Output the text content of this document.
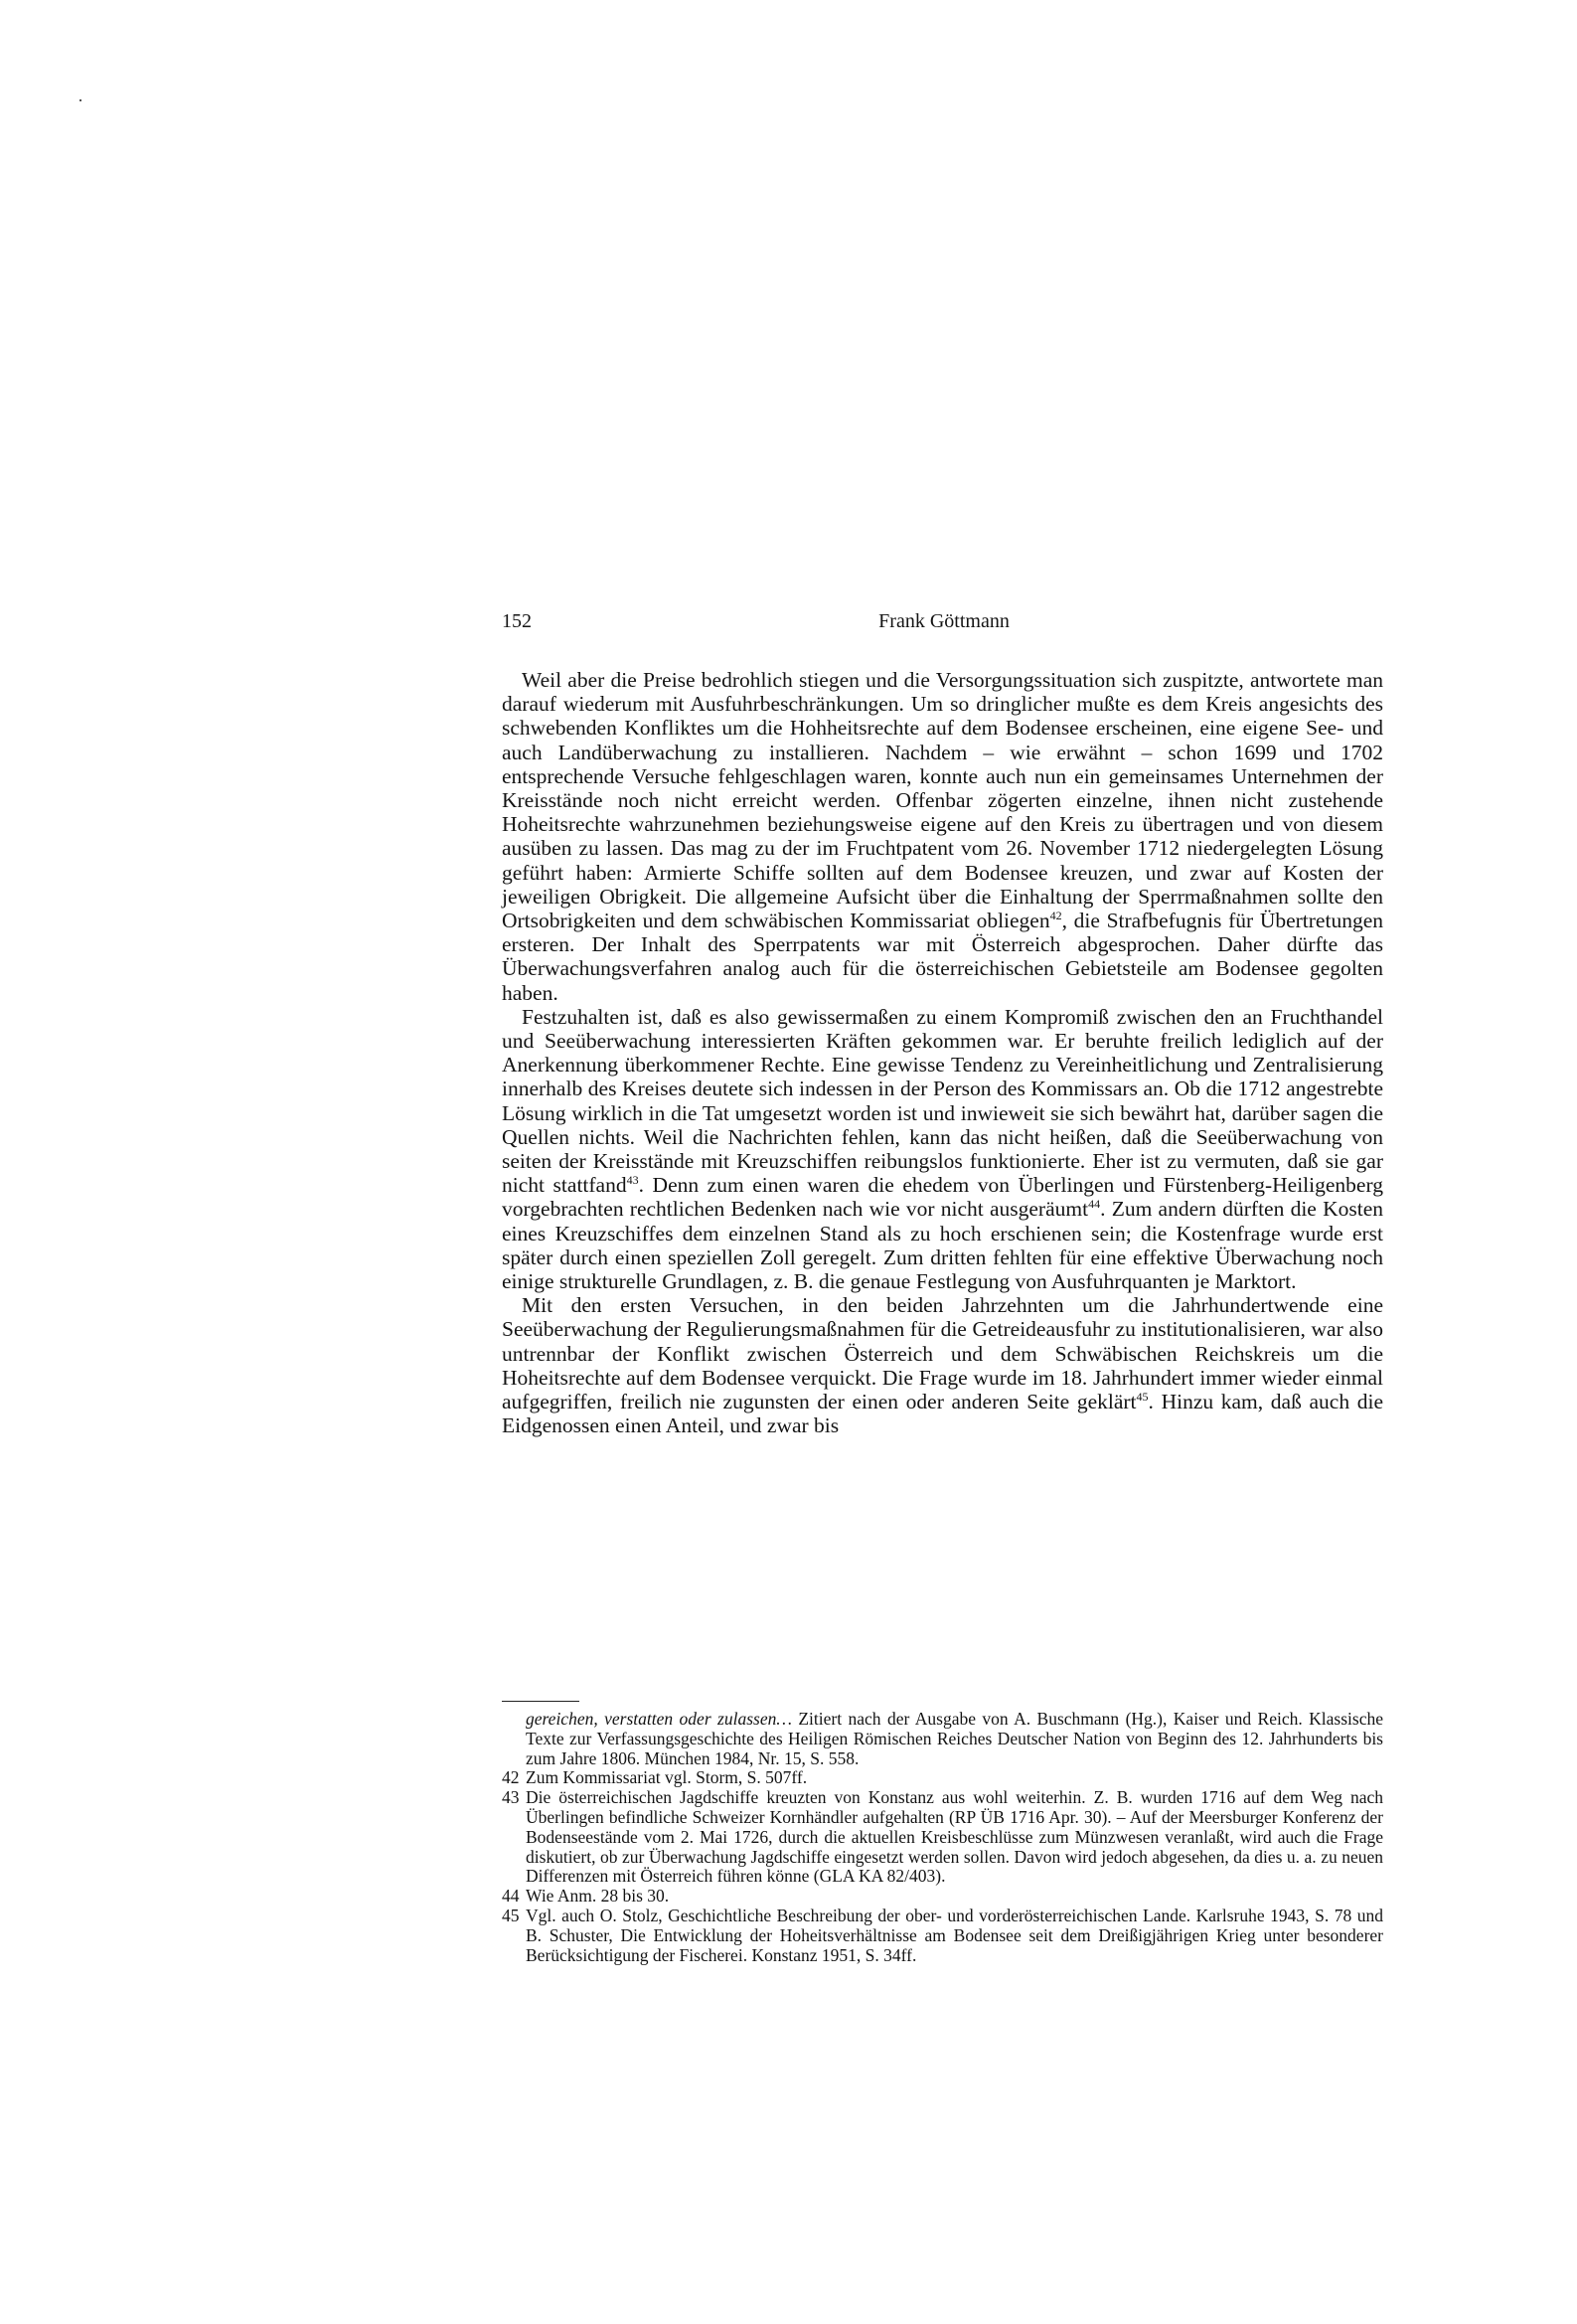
152	Frank Göttmann

Weil aber die Preise bedrohlich stiegen und die Versorgungssituation sich zuspitzte, antwortete man darauf wiederum mit Ausfuhrbeschränkungen. Um so dringlicher mußte es dem Kreis angesichts des schwebenden Konfliktes um die Hohheitsrechte auf dem Bodensee erscheinen, eine eigene See- und auch Landüberwachung zu installieren. Nachdem – wie erwähnt – schon 1699 und 1702 entsprechende Versuche fehlgeschlagen waren, konnte auch nun ein gemeinsames Unternehmen der Kreisstände noch nicht erreicht werden. Offenbar zögerten einzelne, ihnen nicht zustehende Hoheitsrechte wahrzunehmen beziehungsweise eigene auf den Kreis zu übertragen und von diesem ausüben zu lassen. Das mag zu der im Fruchtpatent vom 26. November 1712 niedergelegten Lösung geführt haben: Armierte Schiffe sollten auf dem Bodensee kreuzen, und zwar auf Kosten der jeweiligen Obrigkeit. Die allgemeine Aufsicht über die Einhaltung der Sperrmaßnahmen sollte den Ortsobrigkeiten und dem schwäbischen Kommissariat obliegen$^{42}$, die Strafbefugnis für Übertretungen ersteren. Der Inhalt des Sperrpatents war mit Österreich abgesprochen. Daher dürfte das Überwachungsverfahren analog auch für die österreichischen Gebietsteile am Bodensee gegolten haben.

Festzuhalten ist, daß es also gewissermaßen zu einem Kompromiß zwischen den an Fruchthandel und Seeüberwachung interessierten Kräften gekommen war. Er beruhte freilich lediglich auf der Anerkennung überkommener Rechte. Eine gewisse Tendenz zu Vereinheitlichung und Zentralisierung innerhalb des Kreises deutete sich indessen in der Person des Kommissars an. Ob die 1712 angestrebte Lösung wirklich in die Tat umgesetzt worden ist und inwieweit sie sich bewährt hat, darüber sagen die Quellen nichts. Weil die Nachrichten fehlen, kann das nicht heißen, daß die Seeüberwachung von seiten der Kreisstände mit Kreuzschiffen reibungslos funktionierte. Eher ist zu vermuten, daß sie gar nicht stattfand$^{43}$. Denn zum einen waren die ehedem von Überlingen und Fürstenberg-Heiligenberg vorgebrachten rechtlichen Bedenken nach wie vor nicht ausgeräumt$^{44}$. Zum andern dürften die Kosten eines Kreuzschiffes dem einzelnen Stand als zu hoch erschienen sein; die Kostenfrage wurde erst später durch einen speziellen Zoll geregelt. Zum dritten fehlten für eine effektive Überwachung noch einige strukturelle Grundlagen, z. B. die genaue Festlegung von Ausfuhrquanten je Marktort.

Mit den ersten Versuchen, in den beiden Jahrzehnten um die Jahrhundertwende eine Seeüberwachung der Regulierungsmaßnahmen für die Getreideausfuhr zu institutionalisieren, war also untrennbar der Konflikt zwischen Österreich und dem Schwäbischen Reichskreis um die Hoheitsrechte auf dem Bodensee verquickt. Die Frage wurde im 18. Jahrhundert immer wieder einmal aufgegriffen, freilich nie zugunsten der einen oder anderen Seite geklärt$^{45}$. Hinzu kam, daß auch die Eidgenossen einen Anteil, und zwar bis

gereichen, verstatten oder zulassen… Zitiert nach der Ausgabe von A. Buschmann (Hg.), Kaiser und Reich. Klassische Texte zur Verfassungsgeschichte des Heiligen Römischen Reiches Deutscher Nation von Beginn des 12. Jahrhunderts bis zum Jahre 1806. München 1984, Nr. 15, S. 558.
42 Zum Kommissariat vgl. Storm, S. 507ff.
43 Die österreichischen Jagdschiffe kreuzten von Konstanz aus wohl weiterhin. Z. B. wurden 1716 auf dem Weg nach Überlingen befindliche Schweizer Kornhändler aufgehalten (RP ÜB 1716 Apr. 30). – Auf der Meersburger Konferenz der Bodenseestände vom 2. Mai 1726, durch die aktuellen Kreisbeschlüsse zum Münzwesen veranlaßt, wird auch die Frage diskutiert, ob zur Überwachung Jagdschiffe eingesetzt werden sollen. Davon wird jedoch abgesehen, da dies u. a. zu neuen Differenzen mit Österreich führen könne (GLA KA 82/403).
44 Wie Anm. 28 bis 30.
45 Vgl. auch O. Stolz, Geschichtliche Beschreibung der ober- und vorderösterreichischen Lande. Karlsruhe 1943, S. 78 und B. Schuster, Die Entwicklung der Hoheitsverhältnisse am Bodensee seit dem Dreißigjährigen Krieg unter besonderer Berücksichtigung der Fischerei. Konstanz 1951, S. 34ff.
